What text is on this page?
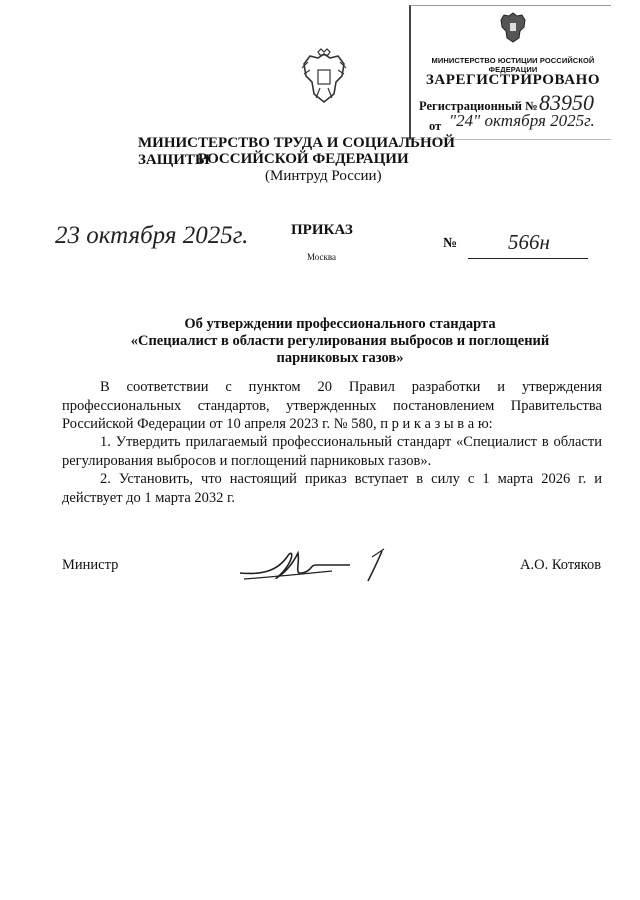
МИНИСТЕРСТВО ЮСТИЦИИ РОССИЙСКОЙ ФЕДЕРАЦИИ
ЗАРЕГИСТРИРОВАНО
Регистрационный № 83950
от "24" октября 2025г.
МИНИСТЕРСТВО ТРУДА И СОЦИАЛЬНОЙ ЗАЩИТЫ
РОССИЙСКОЙ ФЕДЕРАЦИИ
(Минтруд России)
23 октября 2025г.	ПРИКАЗ
Москва
№ 566н
Об утверждении профессионального стандарта
«Специалист в области регулирования выбросов и поглощений
парниковых газов»
В соответствии с пунктом 20 Правил разработки и утверждения профессиональных стандартов, утвержденных постановлением Правительства Российской Федерации от 10 апреля 2023 г. № 580, п р и к а з ы в а ю:
1. Утвердить прилагаемый профессиональный стандарт «Специалист в области регулирования выбросов и поглощений парниковых газов».
2. Установить, что настоящий приказ вступает в силу с 1 марта 2026 г. и действует до 1 марта 2032 г.
Министр	А.О. Котяков
